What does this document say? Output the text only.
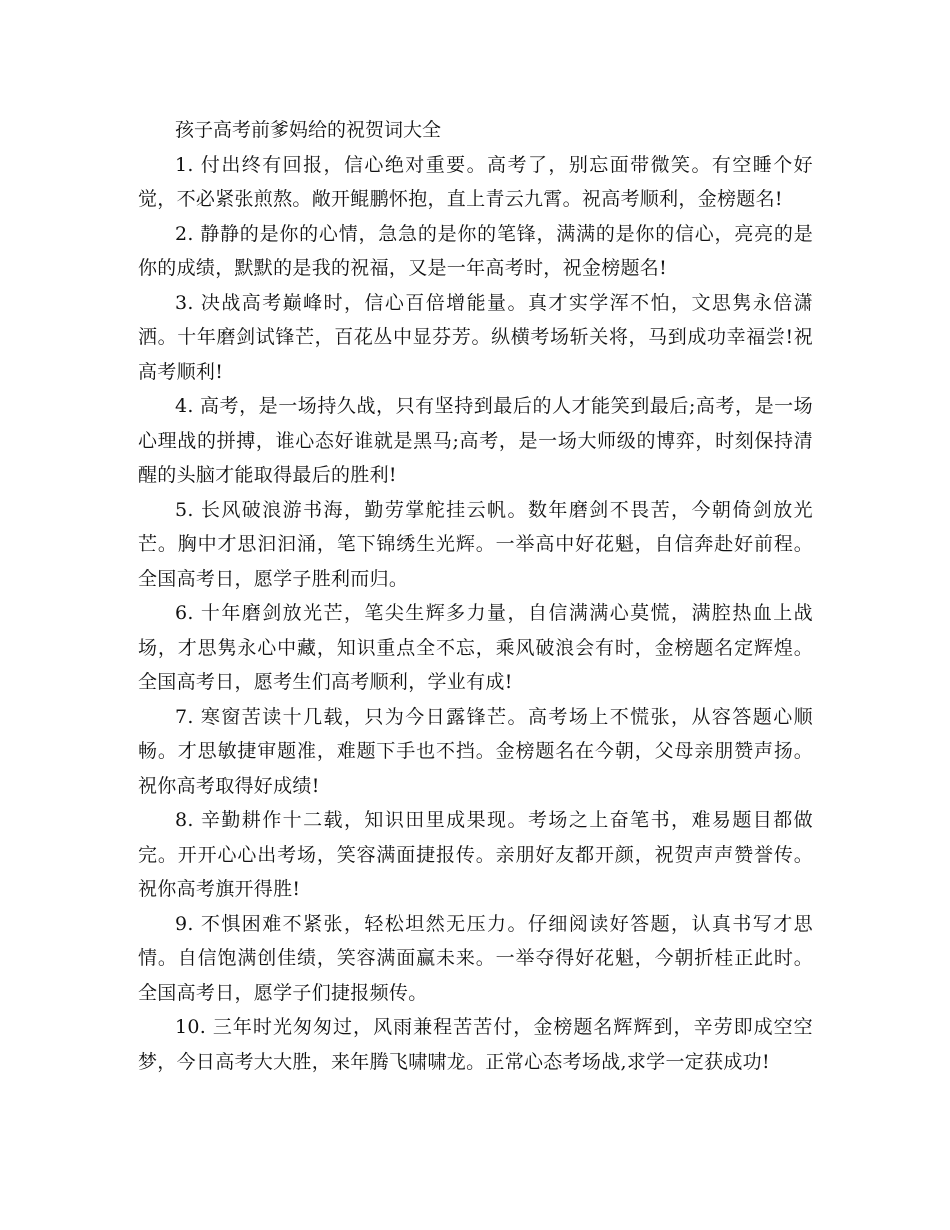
孩子高考前爹妈给的祝贺词大全

1. 付出终有回报，信心绝对重要。高考了，别忘面带微笑。有空睡个好觉，不必紧张煎熬。敞开鲲鹏怀抱，直上青云九霄。祝高考顺利，金榜题名!

2. 静静的是你的心情，急急的是你的笔锋，满满的是你的信心，亮亮的是你的成绩，默默的是我的祝福，又是一年高考时，祝金榜题名!

3. 决战高考巅峰时，信心百倍增能量。真才实学浑不怕，文思隽永倍潇洒。十年磨剑试锋芒，百花丛中显芬芳。纵横考场斩关将，马到成功幸福尝!祝高考顺利!

4. 高考，是一场持久战，只有坚持到最后的人才能笑到最后;高考，是一场心理战的拼搏，谁心态好谁就是黑马;高考，是一场大师级的博弈，时刻保持清醒的头脑才能取得最后的胜利!

5. 长风破浪游书海，勤劳掌舵挂云帆。数年磨剑不畏苦，今朝倚剑放光芒。胸中才思汩汩涌，笔下锦绣生光辉。一举高中好花魁，自信奔赴好前程。全国高考日，愿学子胜利而归。

6. 十年磨剑放光芒，笔尖生辉多力量，自信满满心莫慌，满腔热血上战场，才思隽永心中藏，知识重点全不忘，乘风破浪会有时，金榜题名定辉煌。全国高考日，愿考生们高考顺利，学业有成!

7. 寒窗苦读十几载，只为今日露锋芒。高考场上不慌张，从容答题心顺畅。才思敏捷审题准，难题下手也不挡。金榜题名在今朝，父母亲朋赞声扬。祝你高考取得好成绩!

8. 辛勤耕作十二载，知识田里成果现。考场之上奋笔书，难易题目都做完。开开心心出考场，笑容满面捷报传。亲朋好友都开颜，祝贺声声赞誉传。祝你高考旗开得胜!

9. 不惧困难不紧张，轻松坦然无压力。仔细阅读好答题，认真书写才思情。自信饱满创佳绩，笑容满面赢未来。一举夺得好花魁，今朝折桂正此时。全国高考日，愿学子们捷报频传。

10. 三年时光匆匆过，风雨兼程苦苦付，金榜题名辉辉到，辛劳即成空空梦，今日高考大大胜，来年腾飞啸啸龙。正常心态考场战,求学一定获成功!
